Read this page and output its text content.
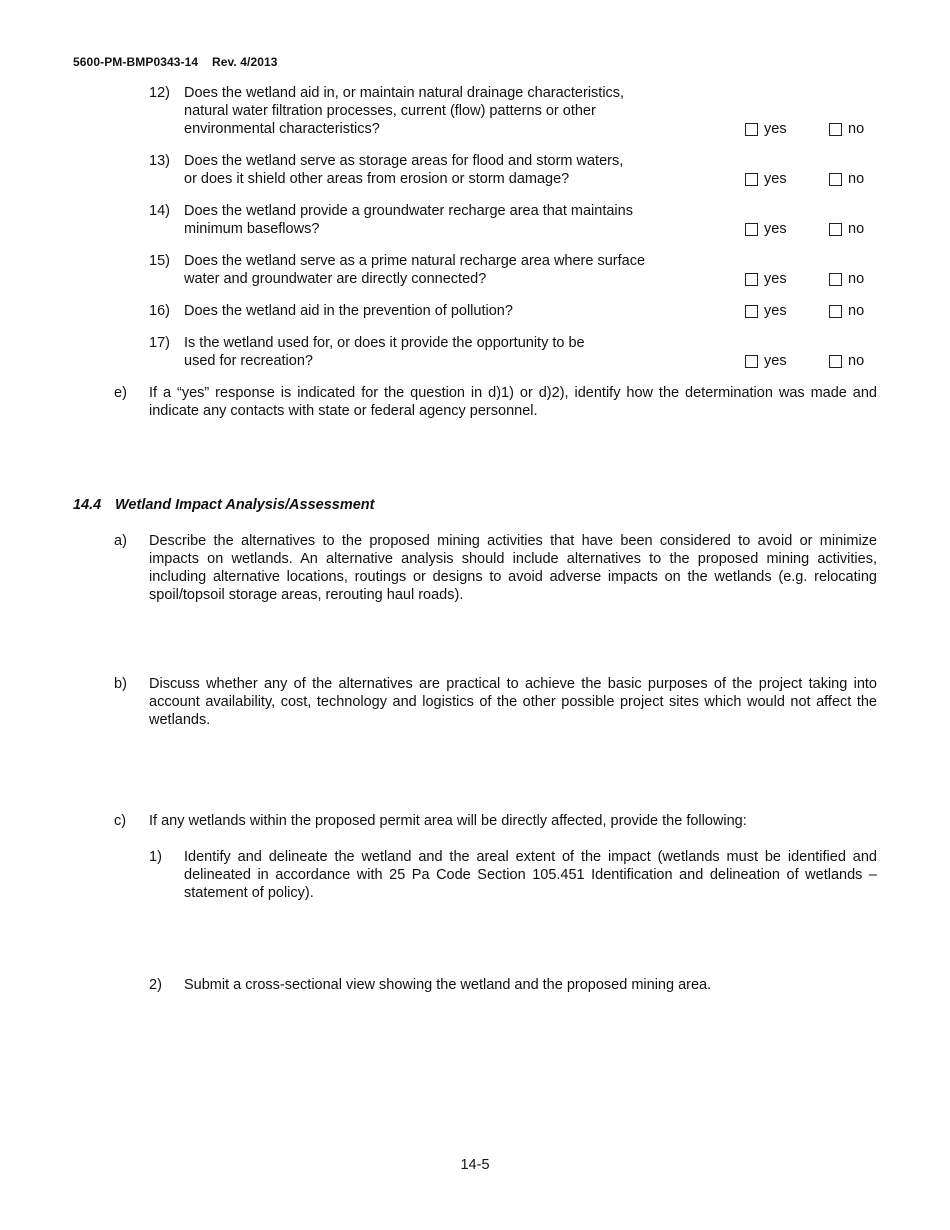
5600-PM-BMP0343-14 Rev. 4/2013
12) Does the wetland aid in, or maintain natural drainage characteristics,
natural water filtration processes, current (flow) patterns or other
environmental characteristics?	yes	no
13) Does the wetland serve as storage areas for flood and storm waters,
or does it shield other areas from erosion or storm damage?	yes	no
14) Does the wetland provide a groundwater recharge area that maintains
minimum baseflows?	yes	no
15) Does the wetland serve as a prime natural recharge area where surface
water and groundwater are directly connected?	yes	no
16) Does the wetland aid in the prevention of pollution?	yes	no
17) Is the wetland used for, or does it provide the opportunity to be
used for recreation?	yes	no
e) If a “yes” response is indicated for the question in d)1) or d)2), identify how the determination was made and indicate any contacts with state or federal agency personnel.
14.4 Wetland Impact Analysis/Assessment
a) Describe the alternatives to the proposed mining activities that have been considered to avoid or minimize impacts on wetlands. An alternative analysis should include alternatives to the proposed mining activities, including alternative locations, routings or designs to avoid adverse impacts on the wetlands (e.g. relocating spoil/topsoil storage areas, rerouting haul roads).
b) Discuss whether any of the alternatives are practical to achieve the basic purposes of the project taking into account availability, cost, technology and logistics of the other possible project sites which would not affect the wetlands.
c) If any wetlands within the proposed permit area will be directly affected, provide the following:
1) Identify and delineate the wetland and the areal extent of the impact (wetlands must be identified and delineated in accordance with 25 Pa Code Section 105.451 Identification and delineation of wetlands – statement of policy).
2) Submit a cross-sectional view showing the wetland and the proposed mining area.
14-5
